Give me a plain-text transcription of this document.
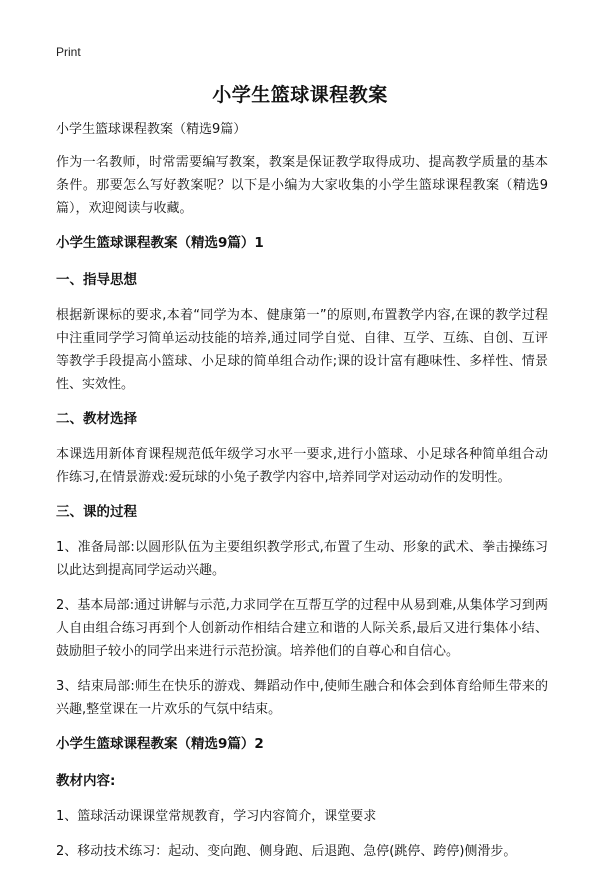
Print
小学生篮球课程教案

小学生篮球课程教案（精选9篇）

作为一名教师，时常需要编写教案，教案是保证教学取得成功、提高教学质量的基本条件。那要怎么写好教案呢？以下是小编为大家收集的小学生篮球课程教案（精选9篇），欢迎阅读与收藏。

小学生篮球课程教案（精选9篇）1
一、指导思想

根据新课标的要求,本着“同学为本、健康第一”的原则,布置教学内容,在课的教学过程中注重同学学习简单运动技能的培养,通过同学自觉、自律、互学、互练、自创、互评等教学手段提高小篮球、小足球的简单组合动作;课的设计富有趣味性、多样性、情景性、实效性。

二、教材选择

本课选用新体育课程规范低年级学习水平一要求,进行小篮球、小足球各种简单组合动作练习,在情景游戏:爱玩球的小兔子教学内容中,培养同学对运动动作的发明性。

三、课的过程

1、准备局部:以圆形队伍为主要组织教学形式,布置了生动、形象的武术、拳击操练习以此达到提高同学运动兴趣。

2、基本局部:通过讲解与示范,力求同学在互帮互学的过程中从易到难,从集体学习到两人自由组合练习再到个人创新动作相结合建立和谐的人际关系,最后又进行集体小结、鼓励胆子较小的同学出来进行示范扮演。培养他们的自尊心和自信心。

3、结束局部:师生在快乐的游戏、舞蹈动作中,使师生融合和体会到体育给师生带来的兴趣,整堂课在一片欢乐的气氛中结束。

小学生篮球课程教案（精选9篇）2
教材内容:

1、篮球活动课课堂常规教育，学习内容简介，课堂要求

2、移动技术练习：起动、变向跑、侧身跑、后退跑、急停(跳停、跨停)侧滑步。
